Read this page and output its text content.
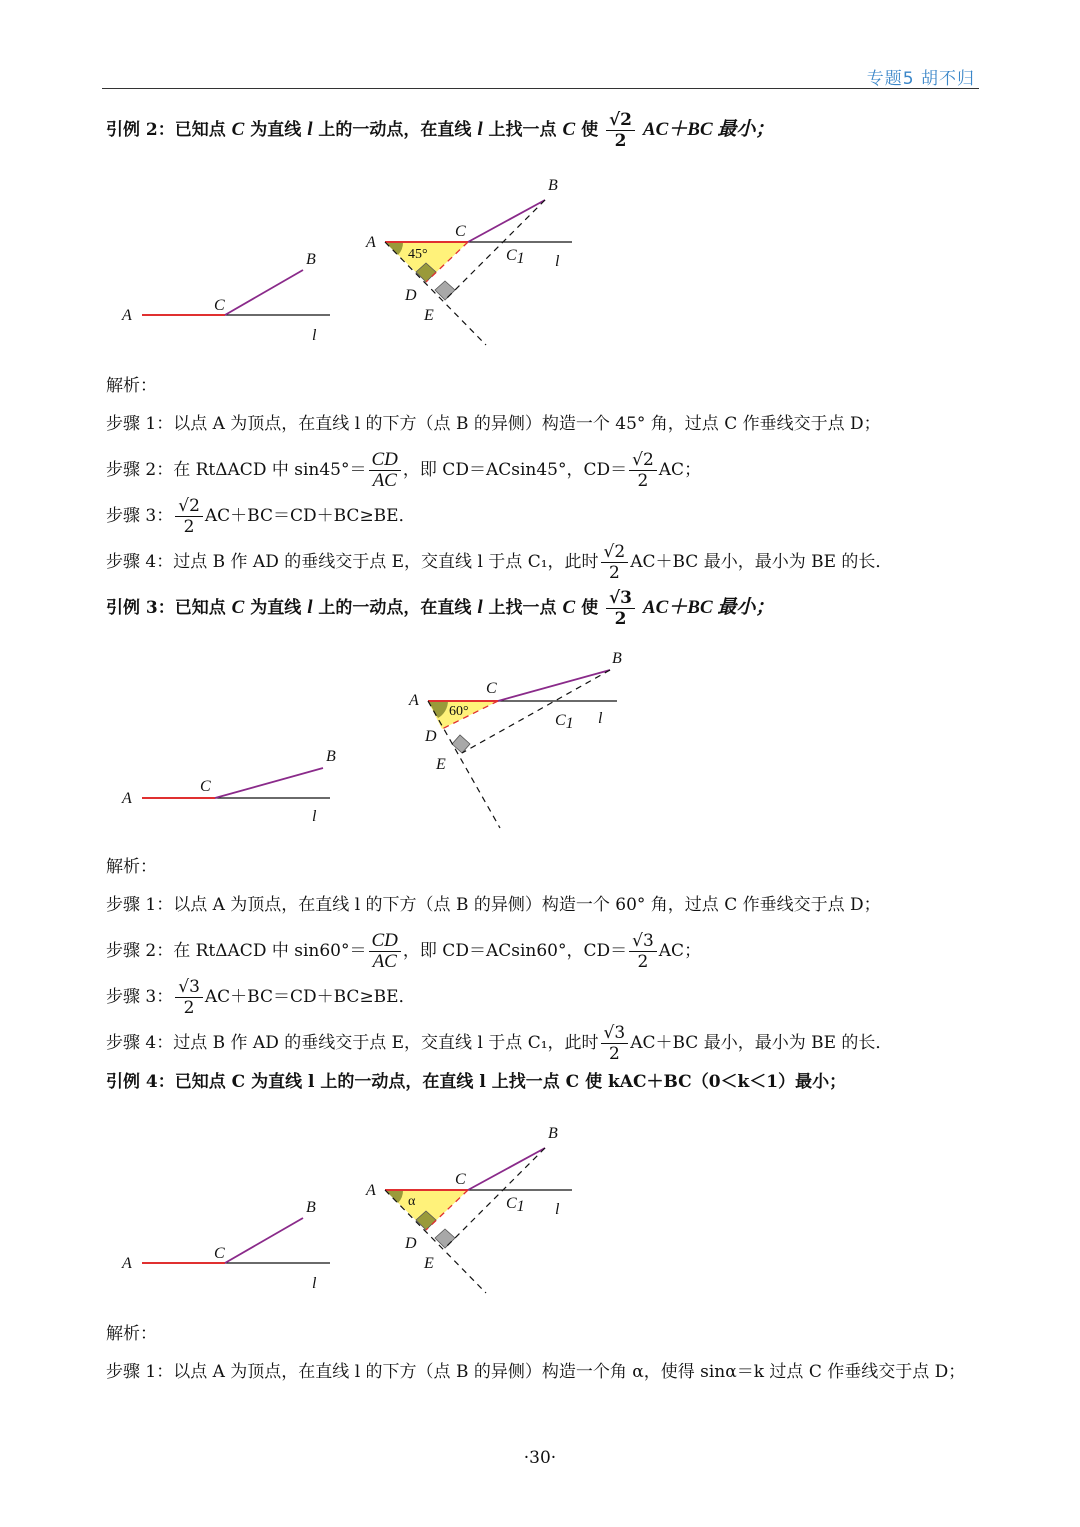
专题5 胡不归
引例 2：已知点 C 为直线 l 上的一动点，在直线 l 上找一点 C 使 $\frac{√2}{2} AC+BC$ 最小；
A
C
B
l
A
C
B
C1 l
D
E
45°
解析：
步骤 1：以点 A 为顶点，在直线 l 的下方（点 B 的异侧）构造一个 45° 角，过点 C 作垂线交于点 D；
步骤 2：在 RtΔACD 中 $\sin 45^\circ= \frac{CD}{AC}$ ，即 CD＝ACsin45°，$CD= \frac{√2}{2}$ AC；
步骤 3： $\frac{√2}{2} AC+BC=CD+BC\ge BE$．
步骤 4：过点 B 作 AD 的垂线交于点 E，交直线 l 于点 C₁，此时 $\frac{√2}{2} AC+BC$ 最小，最小为 BE 的长．
引例 3：已知点 C 为直线 l 上的一动点，在直线 l 上找一点 C 使 $\frac{√3}{2} AC+BC$ 最小；
A
C
B
l
A
C
B
C1 l
D
E
60°
解析：
步骤 1：以点 A 为顶点，在直线 l 的下方（点 B 的异侧）构造一个 60° 角，过点 C 作垂线交于点 D；
步骤 2：在 RtΔACD 中 $\sin 60^\circ= \frac{CD}{AC}$ ，即 CD＝ACsin60°，$CD= \frac{√3}{2}$ AC；
步骤 3： $\frac{√3}{2} AC+BC=CD+BC\ge BE$．
步骤 4：过点 B 作 AD 的垂线交于点 E，交直线 l 于点 C₁，此时 $\frac{√3}{2} AC+BC$ 最小，最小为 BE 的长．
引例 4：已知点 C 为直线 l 上的一动点，在直线 l 上找一点 C 使 kAC＋BC（0＜k＜1）最小；
A
C
B
l
A
C
B
C1 l
D
E
α
解析：
步骤 1：以点 A 为顶点，在直线 l 的下方（点 B 的异侧）构造一个角 α，使得 sinα＝k 过点 C 作垂线交于点 D；
·30·
